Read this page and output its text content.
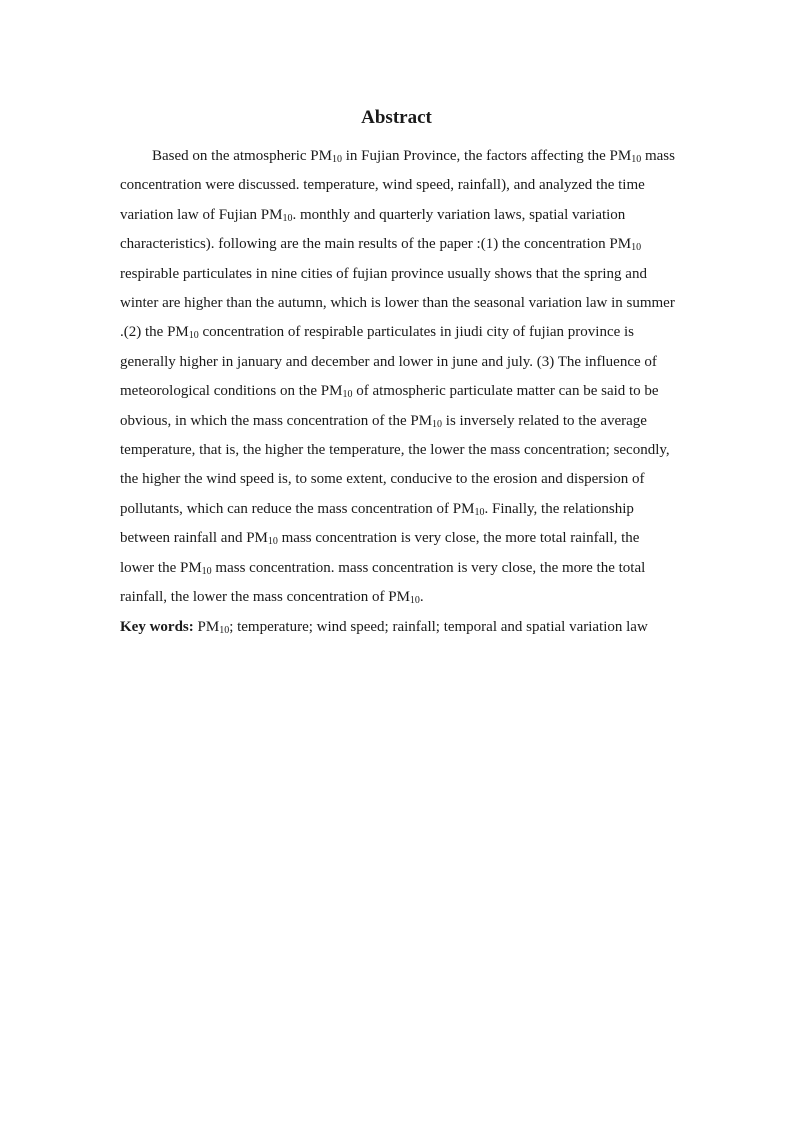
Abstract

Based on the atmospheric $PM_{10}$ in Fujian Province, the factors affecting the $PM_{10}$ mass concentration were discussed. temperature, wind speed, rainfall), and analyzed the time variation law of Fujian $PM_{10}$. monthly and quarterly variation laws, spatial variation characteristics). following are the main results of the paper :(1) the concentration $PM_{10}$ respirable particulates in nine cities of fujian province usually shows that the spring and winter are higher than the autumn, which is lower than the seasonal variation law in summer .(2) the $PM_{10}$ concentration of respirable particulates in jiudi city of fujian province is generally higher in january and december and lower in june and july. (3) The influence of meteorological conditions on the $PM_{10}$ of atmospheric particulate matter can be said to be obvious, in which the mass concentration of the $PM_{10}$ is inversely related to the average temperature, that is, the higher the temperature, the lower the mass concentration; secondly, the higher the wind speed is, to some extent, conducive to the erosion and dispersion of pollutants, which can reduce the mass concentration of $PM_{10}$. Finally, the relationship between rainfall and $PM_{10}$ mass concentration is very close, the more total rainfall, the lower the $PM_{10}$ mass concentration. mass concentration is very close, the more the total rainfall, the lower the mass concentration of $PM_{10}$.

Key words: $PM_{10}$; temperature; wind speed; rainfall; temporal and spatial variation law
